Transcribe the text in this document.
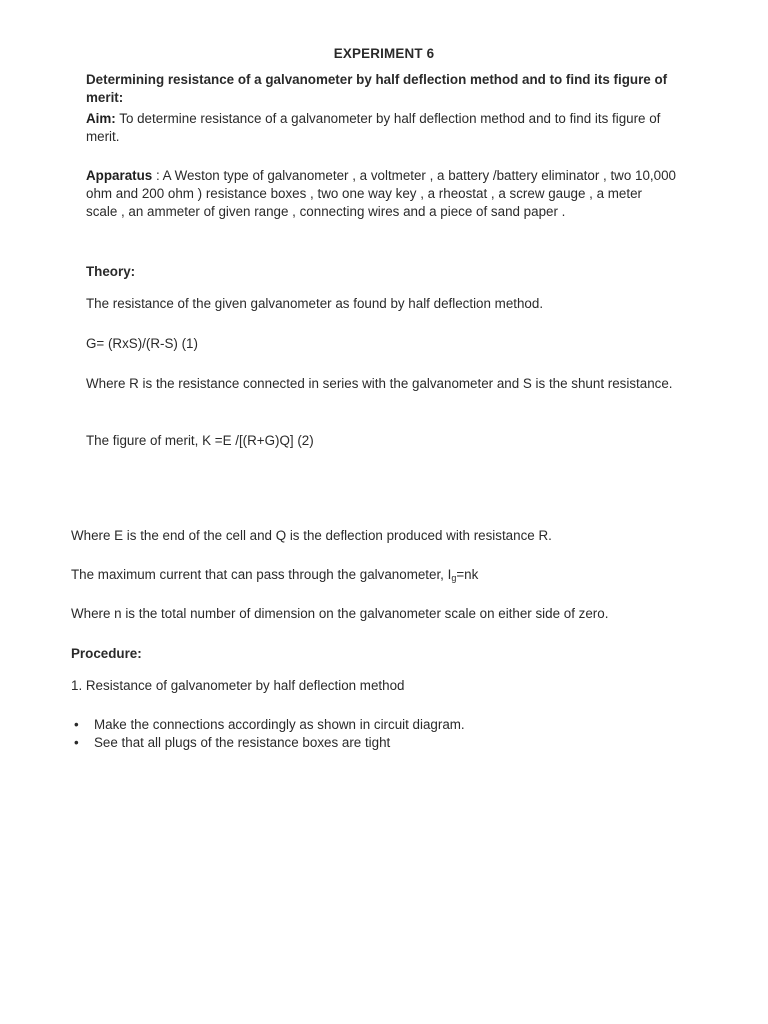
EXPERIMENT 6

Determining resistance of a galvanometer by half deflection method and to find its figure of merit:

Aim: To determine resistance of a galvanometer by half deflection method and to find its figure of merit.

Apparatus : A Weston type of galvanometer , a voltmeter , a battery /battery eliminator , two 10,000 ohm and 200 ohm ) resistance boxes , two one way key , a rheostat , a screw gauge , a meter scale , an ammeter of given range , connecting wires and a piece of sand paper .

Theory:

The resistance of the given galvanometer as found by half deflection method.

G= (RxS)/(R-S) (1)

Where R is the resistance connected in series with the galvanometer and S is the shunt resistance.

The figure of merit, K =E /[(R+G)Q] (2)

Where E is the end of the cell and Q is the deflection produced with resistance R.

The maximum current that can pass through the galvanometer, $I_g=nk$

Where n is the total number of dimension on the galvanometer scale on either side of zero.

Procedure:

1. Resistance of galvanometer by half deflection method

• Make the connections accordingly as shown in circuit diagram.
• See that all plugs of the resistance boxes are tight
